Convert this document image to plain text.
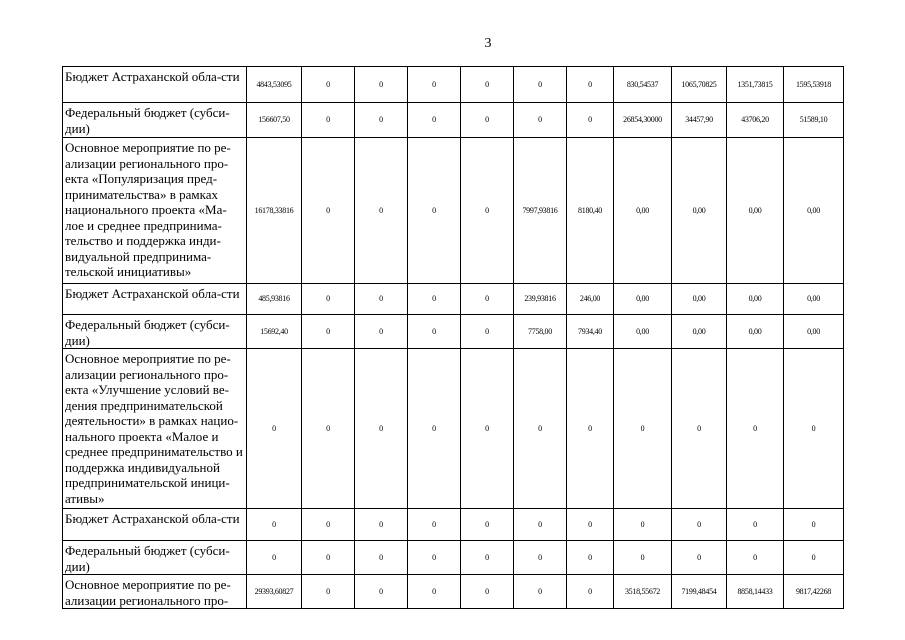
3
Бюджет Астраханской обла-сти	4843,53095	0	0	0	0	0	0	830,54537	1065,70825	1351,73815	1595,53918
Федеральный бюджет (субси-дии)	156607,50	0	0	0	0	0	0	26854,30000	34457,90	43706,20	51589,10
Основное мероприятие по ре-ализации регионального про-екта «Популяризация пред-принимательства» в рамках национального проекта «Ма-лое и среднее предпринима-тельство и поддержка инди-видуальной предпринима-тельской инициативы»	16178,33816	0	0	0	0	7997,93816	8180,40	0,00	0,00	0,00	0,00
Бюджет Астраханской обла-сти	485,93816	0	0	0	0	239,93816	246,00	0,00	0,00	0,00	0,00
Федеральный бюджет (субси-дии)	15692,40	0	0	0	0	7758,00	7934,40	0,00	0,00	0,00	0,00
Основное мероприятие по ре-ализации регионального про-екта «Улучшение условий ве-дения предпринимательской деятельности» в рамках нацио-нального проекта «Малое и среднее предпринимательство и поддержка индивидуальной предпринимательской иници-ативы»	0	0	0	0	0	0	0	0	0	0	0
Бюджет Астраханской обла-сти	0	0	0	0	0	0	0	0	0	0	0
Федеральный бюджет (субси-дии)	0	0	0	0	0	0	0	0	0	0	0
Основное мероприятие по ре-ализации регионального про-	29393,60827	0	0	0	0	0	0	3518,55672	7199,48454	8858,14433	9817,42268
